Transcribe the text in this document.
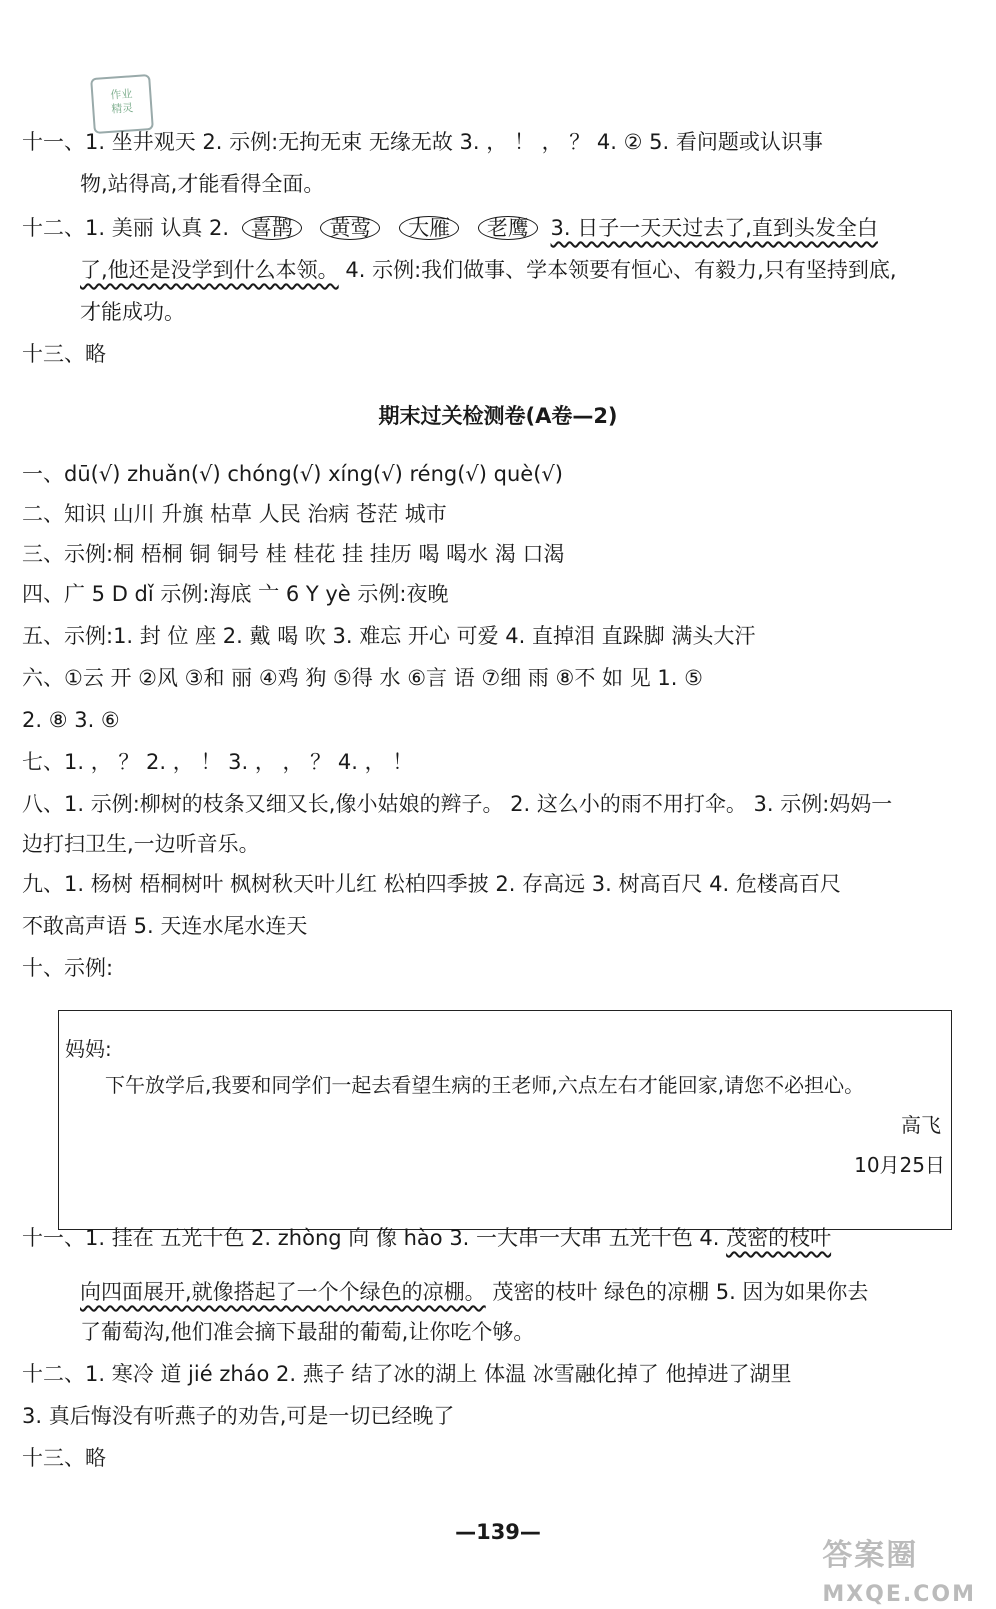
作业
精灵
十一、1. 坐井观天 2. 示例:无拘无束 无缘无故 3. ， ！ ， ？ 4. ② 5. 看问题或认识事
物,站得高,才能看得全面。
十二、1. 美丽 认真 2. 喜鹊 黄莺 大雁 老鹰 3. 日子一天天过去了,直到头发全白
了,他还是没学到什么本领。 4. 示例:我们做事、学本领要有恒心、有毅力,只有坚持到底,
才能成功。
十三、略
期末过关检测卷(A卷—2)
一、dū(√) zhuǎn(√) chóng(√) xíng(√) réng(√) què(√)
二、知识 山川 升旗 枯草 人民 治病 苍茫 城市
三、示例:桐 梧桐 铜 铜号 桂 桂花 挂 挂历 喝 喝水 渴 口渴
四、广 5 D dǐ 示例:海底 亠 6 Y yè 示例:夜晚
五、示例:1. 封 位 座 2. 戴 喝 吹 3. 难忘 开心 可爱 4. 直掉泪 直跺脚 满头大汗
六、①云 开 ②风 ③和 丽 ④鸡 狗 ⑤得 水 ⑥言 语 ⑦细 雨 ⑧不 如 见 1. ⑤
2. ⑧ 3. ⑥
七、1. ， ？ 2. ， ！ 3. ， ， ？ 4. ， ！
八、1. 示例:柳树的枝条又细又长,像小姑娘的辫子。 2. 这么小的雨不用打伞。 3. 示例:妈妈一
边打扫卫生,一边听音乐。
九、1. 杨树 梧桐树叶 枫树秋天叶儿红 松柏四季披 2. 存高远 3. 树高百尺 4. 危楼高百尺
不敢高声语 5. 天连水尾水连天
十、示例:
妈妈:
下午放学后,我要和同学们一起去看望生病的王老师,六点左右才能回家,请您不必担心。
高飞
10月25日
十一、1. 挂在 五光十色 2. zhòng 向 像 hào 3. 一大串一大串 五光十色 4. 茂密的枝叶
向四面展开,就像搭起了一个个绿色的凉棚。 茂密的枝叶 绿色的凉棚 5. 因为如果你去
了葡萄沟,他们准会摘下最甜的葡萄,让你吃个够。
十二、1. 寒冷 道 jié zháo 2. 燕子 结了冰的湖上 体温 冰雪融化掉了 他掉进了湖里
3. 真后悔没有听燕子的劝告,可是一切已经晚了
十三、略
—139—
答案圈
MXQE.COM
